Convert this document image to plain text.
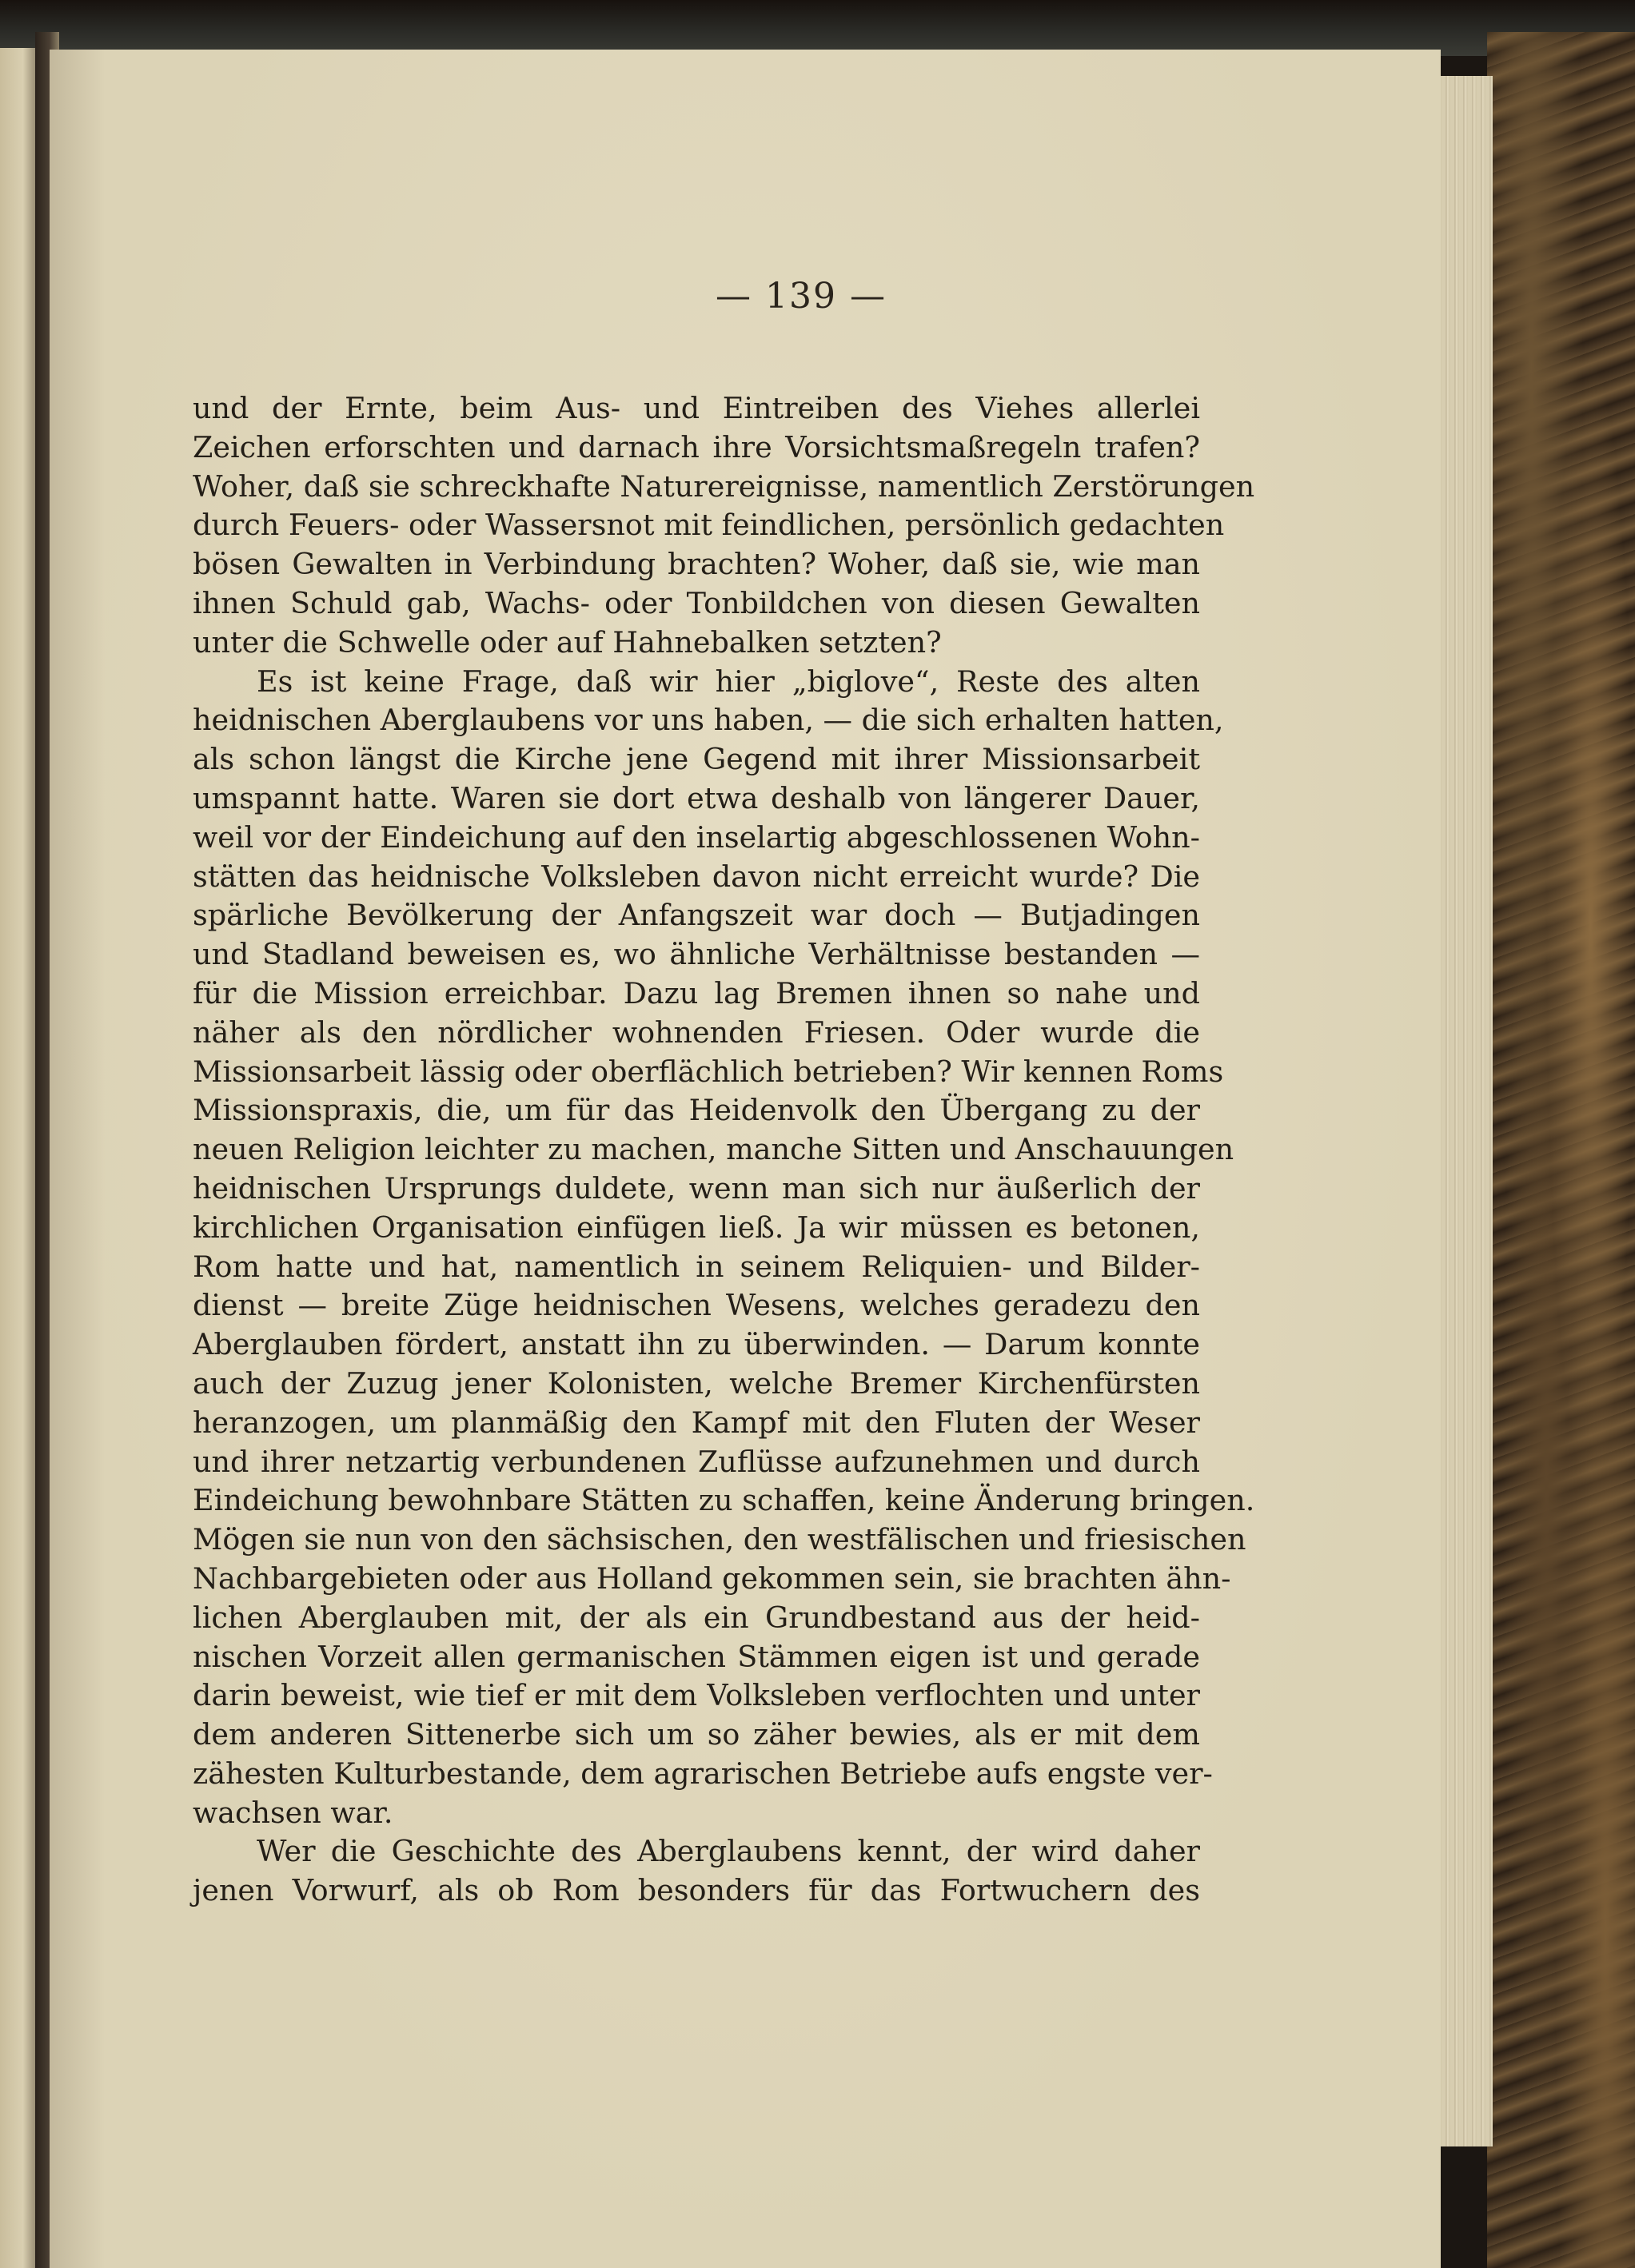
— 139 —
und der Ernte, beim Aus- und Eintreiben des Viehes allerlei
Zeichen erforschten und darnach ihre Vorsichtsmaßregeln trafen?
Woher, daß sie schreckhafte Naturereignisse, namentlich Zerstörungen
durch Feuers- oder Wassersnot mit feindlichen, persönlich gedachten
bösen Gewalten in Verbindung brachten? Woher, daß sie, wie man
ihnen Schuld gab, Wachs- oder Tonbildchen von diesen Gewalten
unter die Schwelle oder auf Hahnebalken setzten?
Es ist keine Frage, daß wir hier „biglove“, Reste des alten
heidnischen Aberglaubens vor uns haben, — die sich erhalten hatten,
als schon längst die Kirche jene Gegend mit ihrer Missionsarbeit
umspannt hatte. Waren sie dort etwa deshalb von längerer Dauer,
weil vor der Eindeichung auf den inselartig abgeschlossenen Wohn-
stätten das heidnische Volksleben davon nicht erreicht wurde? Die
spärliche Bevölkerung der Anfangszeit war doch — Butjadingen
und Stadland beweisen es, wo ähnliche Verhältnisse bestanden —
für die Mission erreichbar. Dazu lag Bremen ihnen so nahe und
näher als den nördlicher wohnenden Friesen. Oder wurde die
Missionsarbeit lässig oder oberflächlich betrieben? Wir kennen Roms
Missionspraxis, die, um für das Heidenvolk den Übergang zu der
neuen Religion leichter zu machen, manche Sitten und Anschauungen
heidnischen Ursprungs duldete, wenn man sich nur äußerlich der
kirchlichen Organisation einfügen ließ. Ja wir müssen es betonen,
Rom hatte und hat, namentlich in seinem Reliquien- und Bilder-
dienst — breite Züge heidnischen Wesens, welches geradezu den
Aberglauben fördert, anstatt ihn zu überwinden. — Darum konnte
auch der Zuzug jener Kolonisten, welche Bremer Kirchenfürsten
heranzogen, um planmäßig den Kampf mit den Fluten der Weser
und ihrer netzartig verbundenen Zuflüsse aufzunehmen und durch
Eindeichung bewohnbare Stätten zu schaffen, keine Änderung bringen.
Mögen sie nun von den sächsischen, den westfälischen und friesischen
Nachbargebieten oder aus Holland gekommen sein, sie brachten ähn-
lichen Aberglauben mit, der als ein Grundbestand aus der heid-
nischen Vorzeit allen germanischen Stämmen eigen ist und gerade
darin beweist, wie tief er mit dem Volksleben verflochten und unter
dem anderen Sittenerbe sich um so zäher bewies, als er mit dem
zähesten Kulturbestande, dem agrarischen Betriebe aufs engste ver-
wachsen war.
Wer die Geschichte des Aberglaubens kennt, der wird daher
jenen Vorwurf, als ob Rom besonders für das Fortwuchern des
